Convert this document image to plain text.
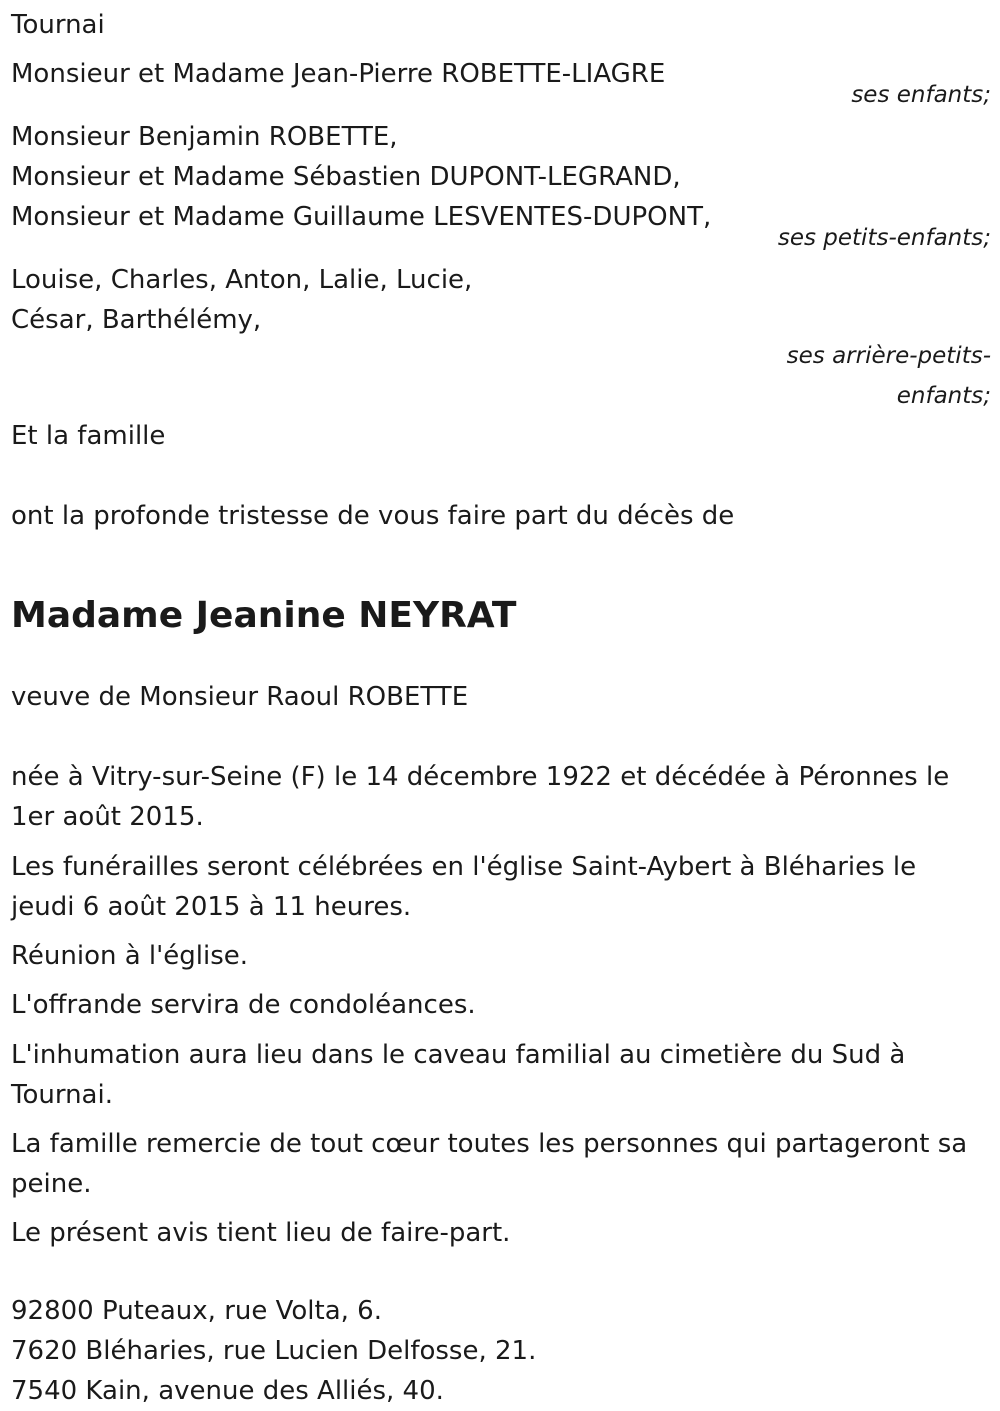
Tournai
Monsieur et Madame Jean-Pierre ROBETTE-LIAGRE
ses enfants;
Monsieur Benjamin ROBETTE,
Monsieur et Madame Sébastien DUPONT-LEGRAND,
Monsieur et Madame Guillaume LESVENTES-DUPONT,
ses petits-enfants;
Louise, Charles, Anton, Lalie, Lucie,
César, Barthélémy,
ses arrière-petits-
enfants;
Et la famille
ont la profonde tristesse de vous faire part du décès de
Madame Jeanine NEYRAT
veuve de Monsieur Raoul ROBETTE
née à Vitry-sur-Seine (F) le 14 décembre 1922 et décédée à Péronnes le 1er août 2015.
Les funérailles seront célébrées en l'église Saint-Aybert à Bléharies le jeudi 6 août 2015 à 11 heures.
Réunion à l'église.
L'offrande servira de condoléances.
L'inhumation aura lieu dans le caveau familial au cimetière du Sud à Tournai.
La famille remercie de tout cœur toutes les personnes qui partageront sa peine.
Le présent avis tient lieu de faire-part.
92800 Puteaux, rue Volta, 6.
7620 Bléharies, rue Lucien Delfosse, 21.
7540 Kain, avenue des Alliés, 40.
